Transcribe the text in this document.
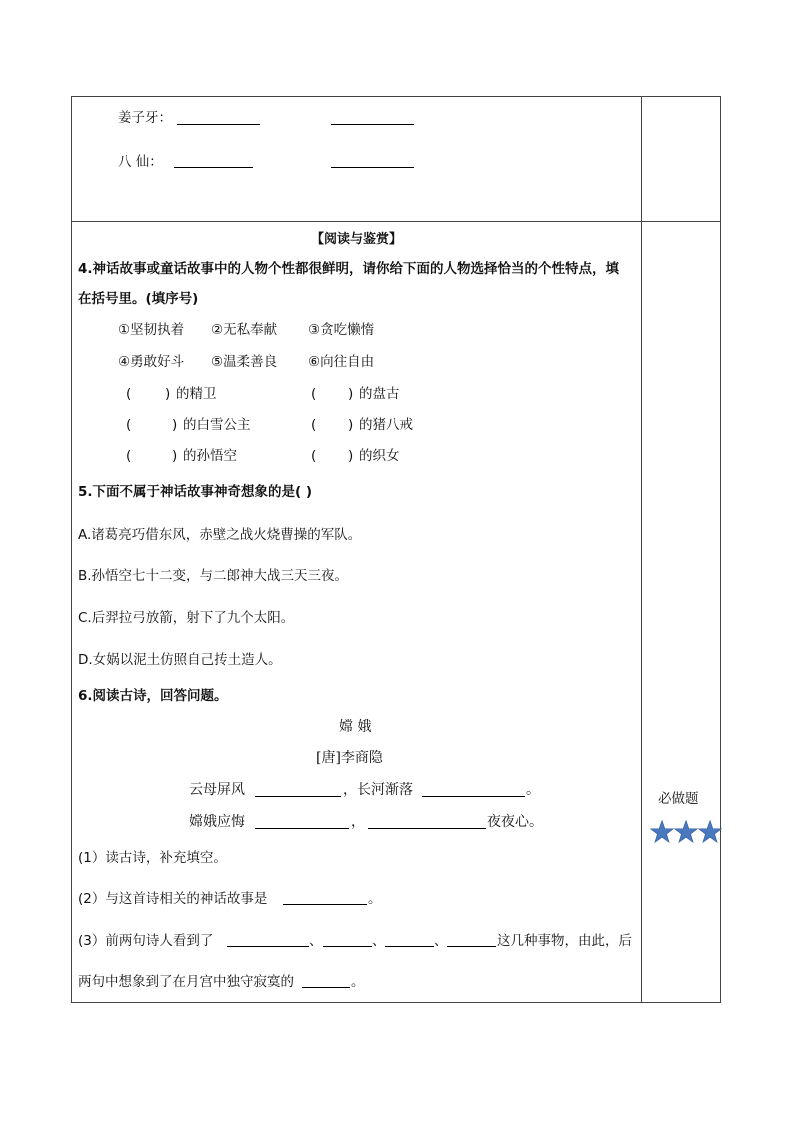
姜子牙：
八 仙：
【阅读与鉴赏】
4.神话故事或童话故事中的人物个性都很鲜明，请你给下面的人物选择恰当的个性特点，填
在括号里。(填序号)
①坚韧执着 ②无私奉献 ③贪吃懒惰
④勇敢好斗 ⑤温柔善良 ⑥向往自由
( ) 的精卫	( ) 的盘古
(	) 的白雪公主	( ) 的猪八戒
(	) 的孙悟空	( ) 的织女
5.下面不属于神话故事神奇想象的是( )
A.诸葛亮巧借东风，赤壁之战火烧曹操的军队。
B.孙悟空七十二变，与二郎神大战三天三夜。
C.后羿拉弓放箭，射下了九个太阳。
D.女娲以泥土仿照自己抟土造人。
6.阅读古诗，回答问题。
嫦 娥
[唐]李商隐
云母屏风	，长河渐落	。
嫦娥应悔	，	夜夜心。
(1）读古诗，补充填空。
(2）与这首诗相关的神话故事是	。
(3）前两句诗人看到了	、	、	、	这几种事物，由此，后
两句中想象到了在月宫中独守寂寞的	。
必做题
